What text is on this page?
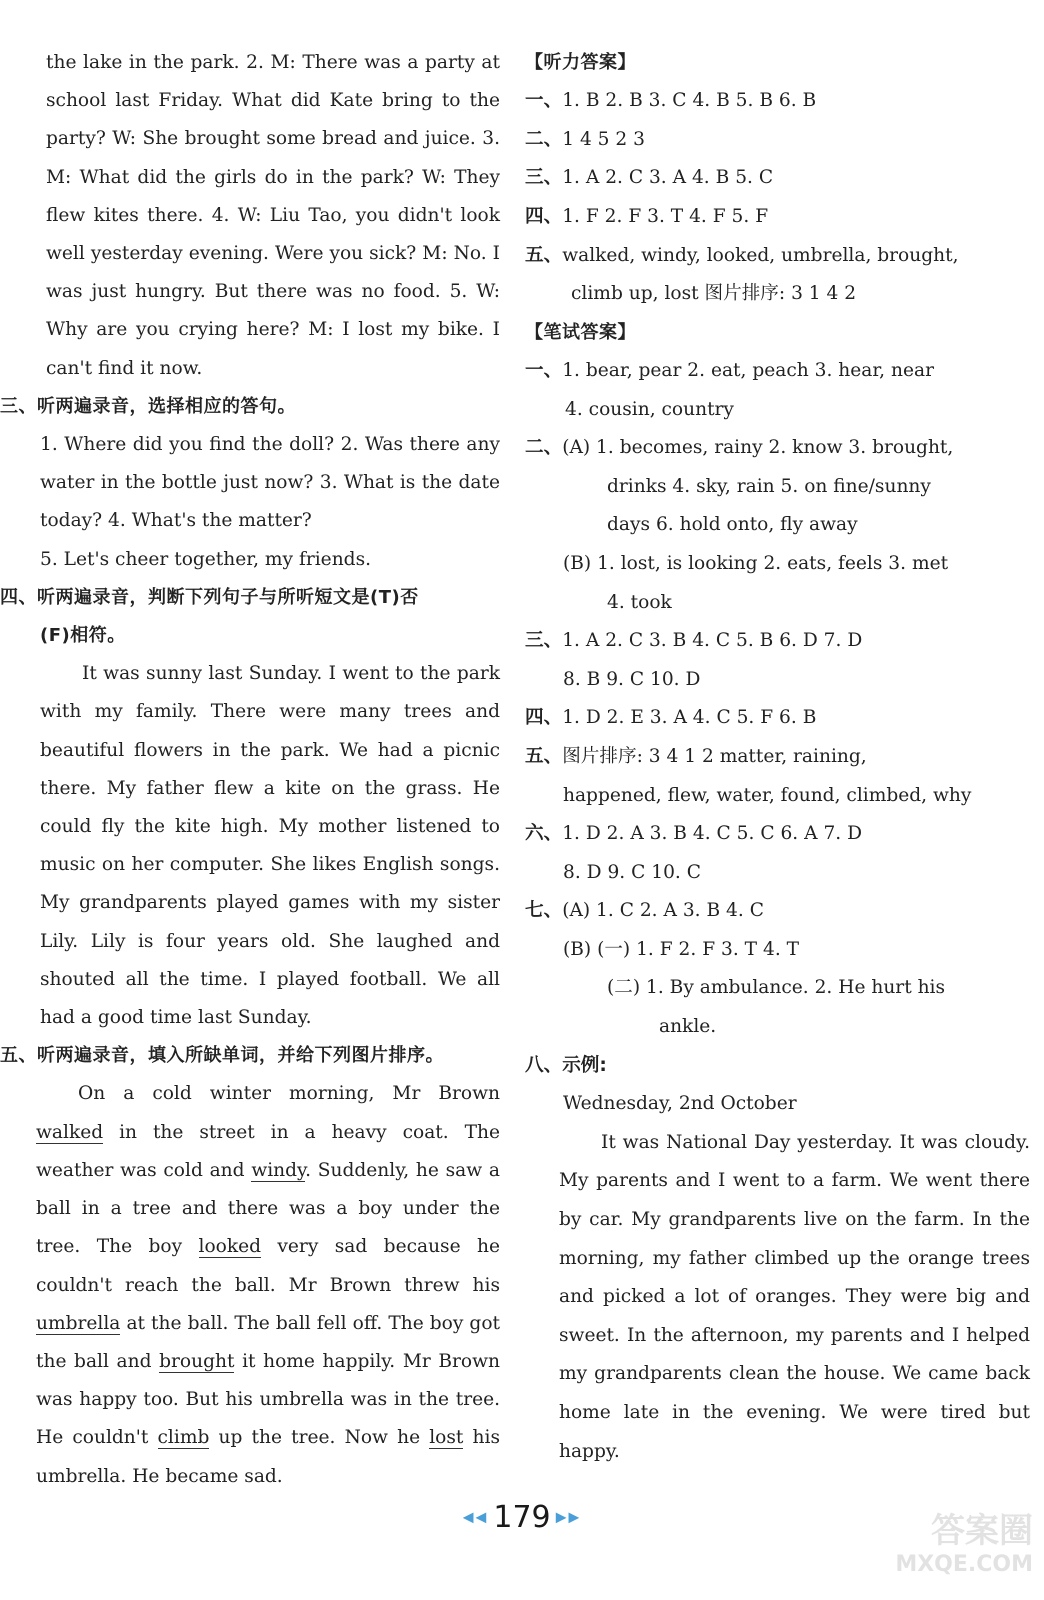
the lake in the park. 2. M: There was a party at school last Friday. What did Kate bring to the party? W: She brought some bread and juice. 3. M: What did the girls do in the park? W: They flew kites there. 4. W: Liu Tao, you didn't look well yesterday evening. Were you sick? M: No. I was just hungry. But there was no food. 5. W: Why are you crying here? M: I lost my bike. I can't find it now.
三、听两遍录音，选择相应的答句。
1. Where did you find the doll? 2. Was there any water in the bottle just now? 3. What is the date today? 4. What's the matter?
5. Let's cheer together, my friends.
四、听两遍录音，判断下列句子与所听短文是(T)否
(F)相符。
It was sunny last Sunday. I went to the park with my family. There were many trees and beautiful flowers in the park. We had a picnic there. My father flew a kite on the grass. He could fly the kite high. My mother listened to music on her computer. She likes English songs. My grandparents played games with my sister Lily. Lily is four years old. She laughed and shouted all the time. I played football. We all had a good time last Sunday.
五、听两遍录音，填入所缺单词，并给下列图片排序。
On a cold winter morning, Mr Brown walked in the street in a heavy coat. The weather was cold and windy. Suddenly, he saw a ball in a tree and there was a boy under the tree. The boy looked very sad because he couldn't reach the ball. Mr Brown threw his umbrella at the ball. The ball fell off. The boy got the ball and brought it home happily. Mr Brown was happy too. But his umbrella was in the tree. He couldn't climb up the tree. Now he lost his umbrella. He became sad.
【听力答案】
一、1. B 2. B 3. C 4. B 5. B 6. B
二、1 4 5 2 3
三、1. A 2. C 3. A 4. B 5. C
四、1. F 2. F 3. T 4. F 5. F
五、walked, windy, looked, umbrella, brought,
climb up, lost 图片排序: 3 1 4 2
【笔试答案】
一、1. bear, pear 2. eat, peach 3. hear, near
4. cousin, country
二、(A) 1. becomes, rainy 2. know 3. brought,
drinks 4. sky, rain 5. on fine/sunny
days 6. hold onto, fly away
(B) 1. lost, is looking 2. eats, feels 3. met
4. took
三、1. A 2. C 3. B 4. C 5. B 6. D 7. D
8. B 9. C 10. D
四、1. D 2. E 3. A 4. C 5. F 6. B
五、图片排序: 3 4 1 2 matter, raining,
happened, flew, water, found, climbed, why
六、1. D 2. A 3. B 4. C 5. C 6. A 7. D
8. D 9. C 10. C
七、(A) 1. C 2. A 3. B 4. C
(B) (一) 1. F 2. F 3. T 4. T
(二) 1. By ambulance. 2. He hurt his
ankle.
八、示例:
Wednesday, 2nd October
It was National Day yesterday. It was cloudy. My parents and I went to a farm. We went there by car. My grandparents live on the farm. In the morning, my father climbed up the orange trees and picked a lot of oranges. They were big and sweet. In the afternoon, my parents and I helped my grandparents clean the house. We came back home late in the evening. We were tired but happy.
◀◀ 179 ▶▶	答案圈
MXQE.COM
